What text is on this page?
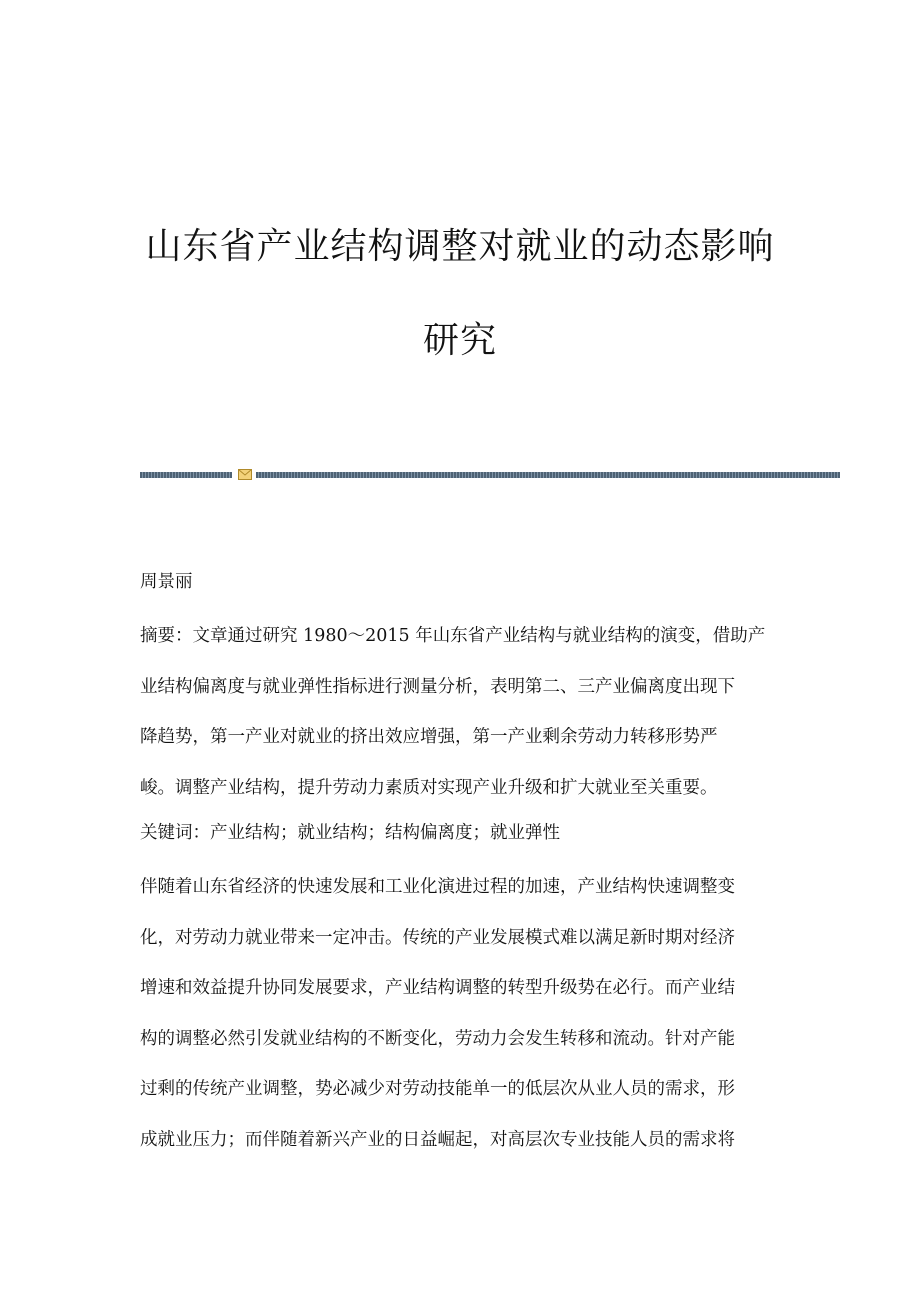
山东省产业结构调整对就业的动态影响
研究

周景丽

摘要：文章通过研究 1980～2015 年山东省产业结构与就业结构的演变，借助产
业结构偏离度与就业弹性指标进行测量分析，表明第二、三产业偏离度出现下
降趋势，第一产业对就业的挤出效应增强，第一产业剩余劳动力转移形势严
峻。调整产业结构，提升劳动力素质对实现产业升级和扩大就业至关重要。

关键词：产业结构；就业结构；结构偏离度；就业弹性

伴随着山东省经济的快速发展和工业化演进过程的加速，产业结构快速调整变
化，对劳动力就业带来一定冲击。传统的产业发展模式难以满足新时期对经济
增速和效益提升协同发展要求，产业结构调整的转型升级势在必行。而产业结
构的调整必然引发就业结构的不断变化，劳动力会发生转移和流动。针对产能
过剩的传统产业调整，势必减少对劳动技能单一的低层次从业人员的需求，形
成就业压力；而伴随着新兴产业的日益崛起，对高层次专业技能人员的需求将
